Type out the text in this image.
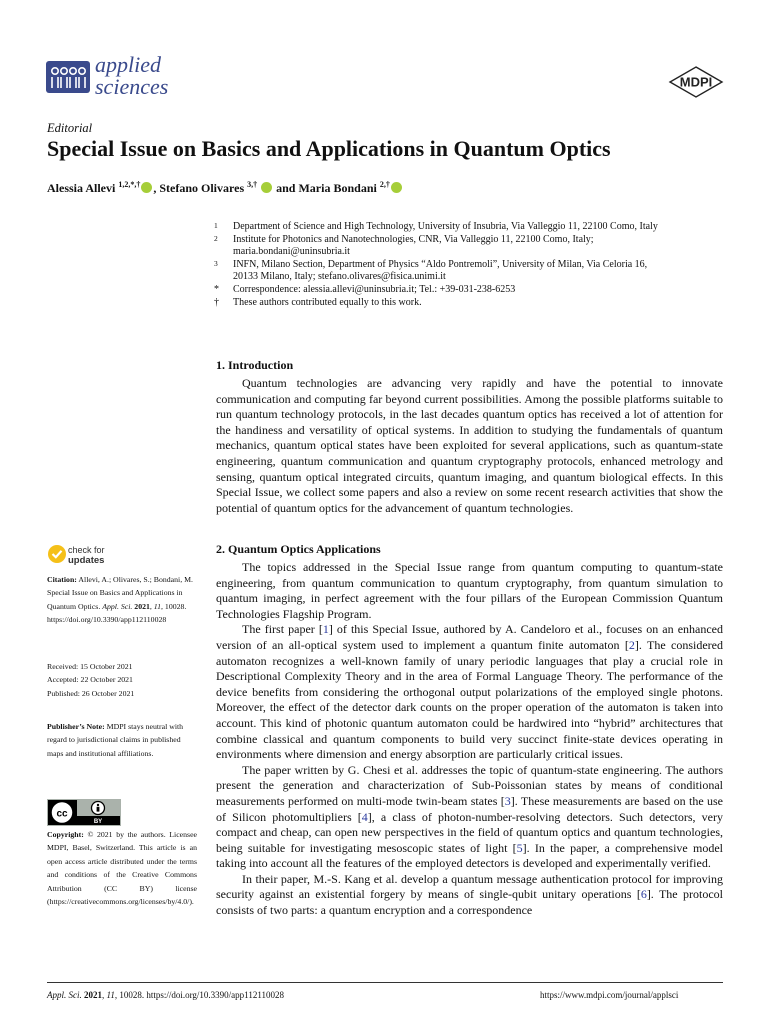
applied
sciences	MDPI
Editorial
Special Issue on Basics and Applications in Quantum Optics
Alessia Allevi $^{1,2,*,\dagger}$ , Stefano Olivares $^{3,\dagger}$  and Maria Bondani $^{2,\dagger}$
1 Department of Science and High Technology, University of Insubria, Via Valleggio 11, 22100 Como, Italy
2 Institute for Photonics and Nanotechnologies, CNR, Via Valleggio 11, 22100 Como, Italy;
maria.bondani@uninsubria.it
3 INFN, Milano Section, Department of Physics “Aldo Pontremoli”, University of Milan, Via Celoria 16,
20133 Milano, Italy; stefano.olivares@fisica.unimi.it
* Correspondence: alessia.allevi@uninsubria.it; Tel.: +39-031-238-6253
† These authors contributed equally to this work.
1. Introduction

Quantum technologies are advancing very rapidly and have the potential to innovate communication and computing far beyond current possibilities. Among the possible platforms suitable to run quantum technology protocols, in the last decades quantum optics has received a lot of attention for the handiness and versatility of optical systems. In addition to studying the fundamentals of quantum mechanics, quantum optical states have been exploited for several applications, such as quantum-state engineering, quantum communication and quantum cryptography protocols, enhanced metrology and sensing, quantum optical integrated circuits, quantum imaging, and quantum biological effects. In this Special Issue, we collect some papers and also a review on some recent research activities that show the potential of quantum optics for the advancement of quantum technologies.

2. Quantum Optics Applications

The topics addressed in the Special Issue range from quantum computing to quantum-state engineering, from quantum communication to quantum cryptography, from quantum simulation to quantum imaging, in perfect agreement with the four pillars of the European Commission Quantum Technologies Flagship Program.

The first paper [1] of this Special Issue, authored by A. Candeloro et al., focuses on an enhanced version of an all-optical system used to implement a quantum finite automaton [2]. The considered automaton recognizes a well-known family of unary periodic languages that play a crucial role in Descriptional Complexity Theory and in the area of Formal Language Theory. The performance of the device benefits from considering the orthogonal output polarizations of the employed single photons. Moreover, the effect of the detector dark counts on the proper operation of the automaton is taken into account. This kind of photonic quantum automaton could be hardwired into “hybrid” architectures that combine classical and quantum components to build very succinct finite-state devices operating in environments where dimension and energy absorption are particularly critical issues.

The paper written by G. Chesi et al. addresses the topic of quantum-state engineering. The authors present the generation and characterization of Sub-Poissonian states by means of conditional measurements performed on multi-mode twin-beam states [3]. These measurements are based on the use of Silicon photomultipliers [4], a class of photon-number-resolving detectors. Such detectors, very compact and cheap, can open new perspectives in the field of quantum optics and quantum technologies, being suitable for investigating mesoscopic states of light [5]. In the paper, a comprehensive model taking into account all the features of the employed detectors is developed and experimentally verified.

In their paper, M.-S. Kang et al. develop a quantum message authentication protocol for improving security against an existential forgery by means of single-qubit unitary operations [6]. The protocol consists of two parts: a quantum encryption and a correspondence

check for
updates
Citation: Allevi, A.; Olivares, S.; Bondani, M. Special Issue on Basics and Applications in Quantum Optics. Appl. Sci. 2021, 11, 10028. https://doi.org/10.3390/app112110028
Received: 15 October 2021
Accepted: 22 October 2021
Published: 26 October 2021
Publisher’s Note: MDPI stays neutral with regard to jurisdictional claims in published maps and institutional affiliations.
cc
BY
Copyright: © 2021 by the authors. Licensee MDPI, Basel, Switzerland. This article is an open access article distributed under the terms and conditions of the Creative Commons Attribution (CC BY) license (https://creativecommons.org/licenses/by/4.0/).
Appl. Sci. 2021, 11, 10028. https://doi.org/10.3390/app112110028	https://www.mdpi.com/journal/applsci
